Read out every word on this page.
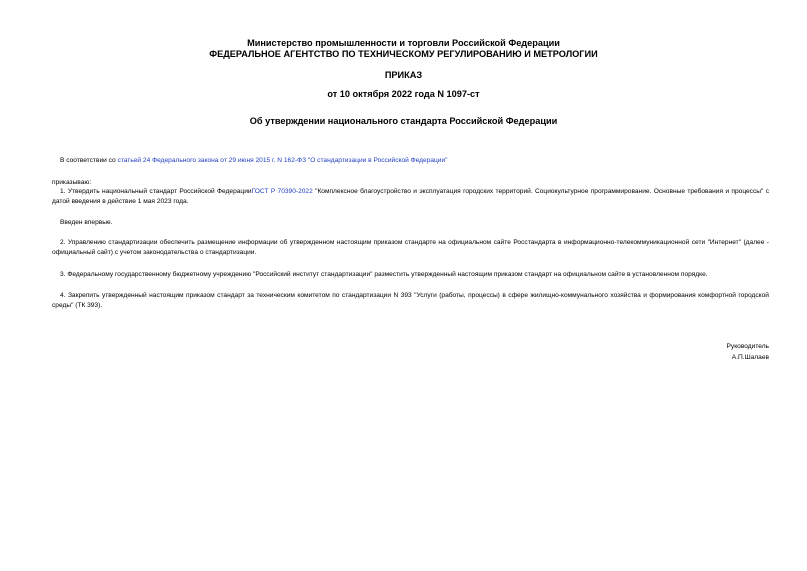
Министерство промышленности и торговли Российской Федерации
ФЕДЕРАЛЬНОЕ АГЕНТСТВО ПО ТЕХНИЧЕСКОМУ РЕГУЛИРОВАНИЮ И МЕТРОЛОГИИ
ПРИКАЗ
от 10 октября 2022 года N 1097-ст
Об утверждении национального стандарта Российской Федерации
В соответствии со статьей 24 Федерального закона от 29 июня 2015 г. N 162-ФЗ "О стандартизации в Российской Федерации"
приказываю:
1. Утвердить национальный стандарт Российской ФедерацииГОСТ Р 70390-2022 "Комплексное благоустройство и эксплуатация городских территорий. Социокультурное программирование. Основные требования и процессы" с датой введения в действие 1 мая 2023 года.
Введен впервые.
2. Управлению стандартизации обеспечить размещение информации об утвержденном настоящим приказом стандарте на официальном сайте Росстандарта в информационно-телекоммуникационной сети "Интернет" (далее - официальный сайт) с учетом законодательства о стандартизации.
3. Федеральному государственному бюджетному учреждению "Российский институт стандартизации" разместить утвержденный настоящим приказом стандарт на официальном сайте в установленном порядке.
4. Закрепить утвержденный настоящим приказом стандарт за техническим комитетом по стандартизации N 393 "Услуги (работы, процессы) в сфере жилищно-коммунального хозяйства и формирования комфортной городской среды" (ТК 393).
Руководитель
А.П.Шалаев
